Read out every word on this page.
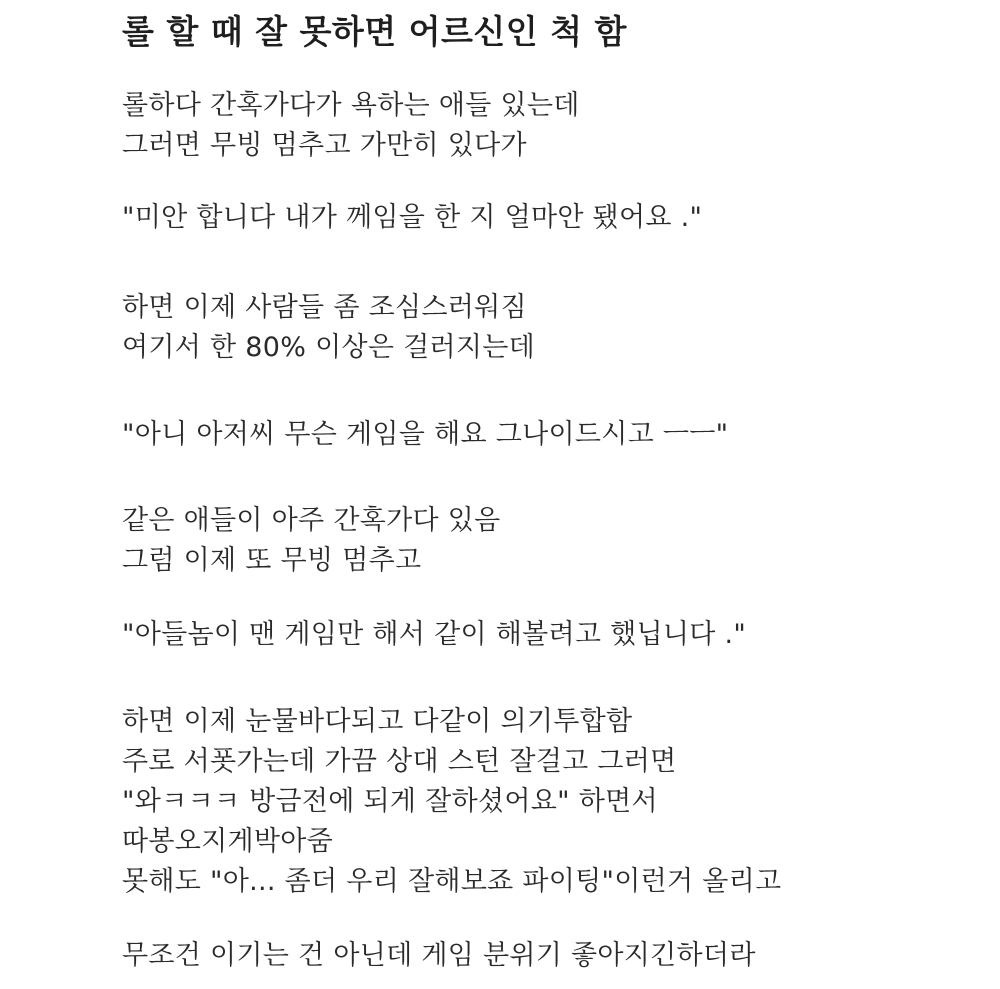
롤 할 때 잘 못하면 어르신인 척 함

롤하다 간혹가다가 욕하는 애들 있는데

그러면 무빙 멈추고 가만히 있다가

"미안 합니다 내가 께임을 한 지 얼마안 됐어요 ."

하면 이제 사람들 좀 조심스러워짐

여기서 한 80% 이상은 걸러지는데

"아니 아저씨 무슨 게임을 해요 그나이드시고 ㅡㅡ"

같은 애들이 아주 간혹가다 있음

그럼 이제 또 무빙 멈추고

"아들놈이 맨 게임만 해서 같이 해볼려고 했닙니다 ."

하면 이제 눈물바다되고 다같이 의기투합함

주로 서폿가는데 가끔 상대 스턴 잘걸고 그러면

"와ㅋㅋㅋ 방금전에 되게 잘하셨어요" 하면서

따봉오지게박아줌

못해도 "아... 좀더 우리 잘해보죠 파이팅"이런거 올리고

무조건 이기는 건 아닌데 게임 분위기 좋아지긴하더라
